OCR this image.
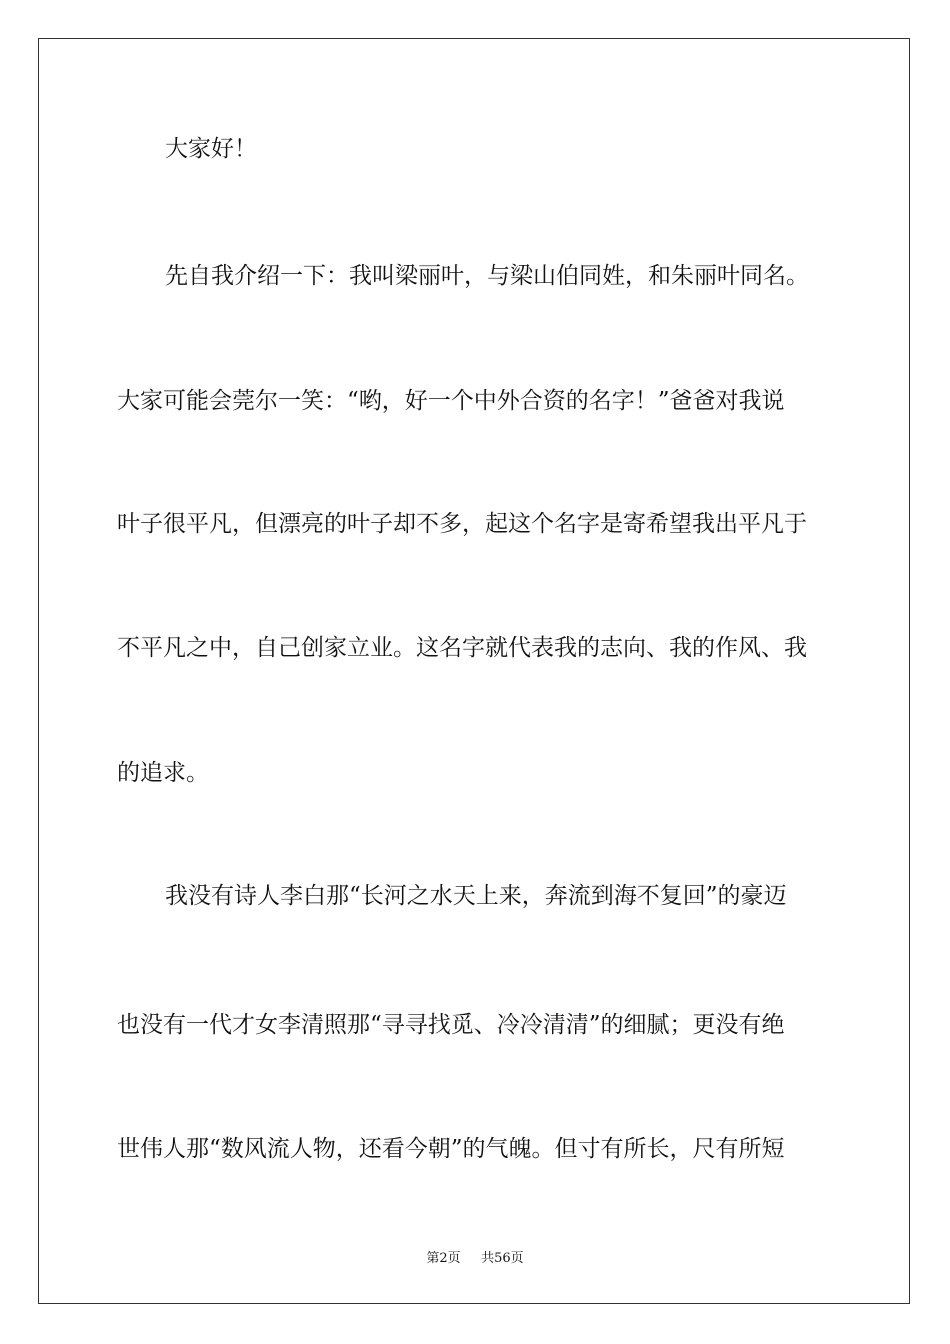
大家好！
先自我介绍一下：我叫梁丽叶，与梁山伯同姓，和朱丽叶同名。
大家可能会莞尔一笑：“哟，好一个中外合资的名字！”爸爸对我说
叶子很平凡，但漂亮的叶子却不多，起这个名字是寄希望我出平凡于
不平凡之中，自己创家立业。这名字就代表我的志向、我的作风、我
的追求。
我没有诗人李白那“长河之水天上来，奔流到海不复回”的豪迈
也没有一代才女李清照那“寻寻找觅、冷冷清清”的细腻；更没有绝
世伟人那“数风流人物，还看今朝”的气魄。但寸有所长，尺有所短
第2页 共56页
